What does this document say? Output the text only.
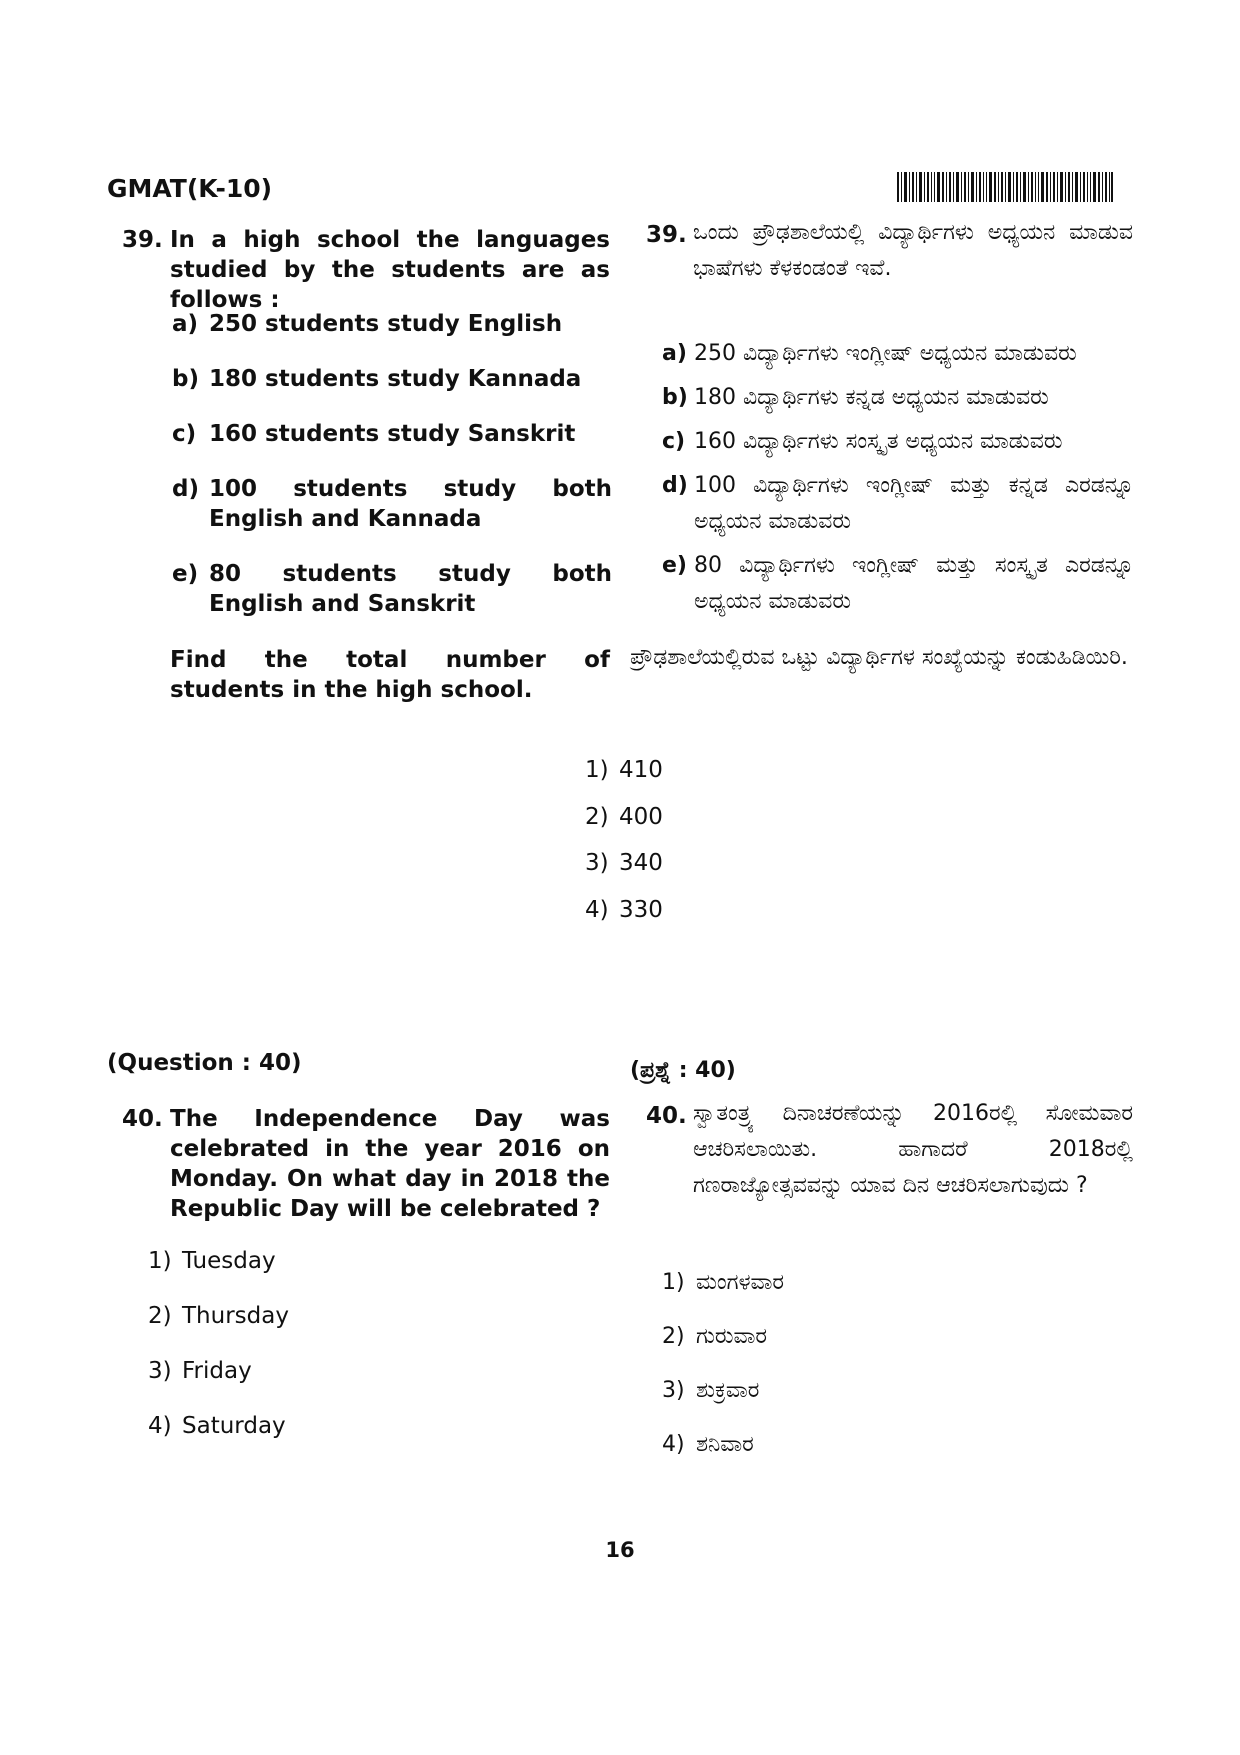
GMAT(K-10)
39. In a high school the languages studied by the students are as follows :
a) 250 students study English
b) 180 students study Kannada
c) 160 students study Sanskrit
d) 100 students study both English and Kannada
e) 80 students study both English and Sanskrit
Find the total number of students in the high school.
39. ಒಂದು ಪ್ರೌಢಶಾಲೆಯಲ್ಲಿ ವಿದ್ಯಾರ್ಥಿಗಳು ಅಧ್ಯಯನ ಮಾಡುವ ಭಾಷೆಗಳು ಕೆಳಕಂಡಂತೆ ಇವೆ.
a) 250 ವಿದ್ಯಾರ್ಥಿಗಳು ಇಂಗ್ಲೀಷ್ ಅಧ್ಯಯನ ಮಾಡುವರು
b) 180 ವಿದ್ಯಾರ್ಥಿಗಳು ಕನ್ನಡ ಅಧ್ಯಯನ ಮಾಡುವರು
c) 160 ವಿದ್ಯಾರ್ಥಿಗಳು ಸಂಸ್ಕೃತ ಅಧ್ಯಯನ ಮಾಡುವರು
d) 100 ವಿದ್ಯಾರ್ಥಿಗಳು ಇಂಗ್ಲೀಷ್ ಮತ್ತು ಕನ್ನಡ ಎರಡನ್ನೂ ಅಧ್ಯಯನ ಮಾಡುವರು
e) 80 ವಿದ್ಯಾರ್ಥಿಗಳು ಇಂಗ್ಲೀಷ್ ಮತ್ತು ಸಂಸ್ಕೃತ ಎರಡನ್ನೂ ಅಧ್ಯಯನ ಮಾಡುವರು
ಪ್ರೌಢಶಾಲೆಯಲ್ಲಿರುವ ಒಟ್ಟು ವಿದ್ಯಾರ್ಥಿಗಳ ಸಂಖ್ಯೆಯನ್ನು ಕಂಡುಹಿಡಿಯಿರಿ.
1) 410
2) 400
3) 340
4) 330
(Question : 40)	(ಪ್ರಶ್ನೆ : 40)
40. The Independence Day was celebrated in the year 2016 on Monday. On what day in 2018 the Republic Day will be celebrated ?
1) Tuesday
2) Thursday
3) Friday
4) Saturday
40. ಸ್ವಾತಂತ್ರ್ಯ ದಿನಾಚರಣೆಯನ್ನು 2016ರಲ್ಲಿ ಸೋಮವಾರ ಆಚರಿಸಲಾಯಿತು. ಹಾಗಾದರೆ 2018ರಲ್ಲಿ ಗಣರಾಜ್ಯೋತ್ಸವವನ್ನು ಯಾವ ದಿನ ಆಚರಿಸಲಾಗುವುದು ?
1) ಮಂಗಳವಾರ
2) ಗುರುವಾರ
3) ಶುಕ್ರವಾರ
4) ಶನಿವಾರ
16
